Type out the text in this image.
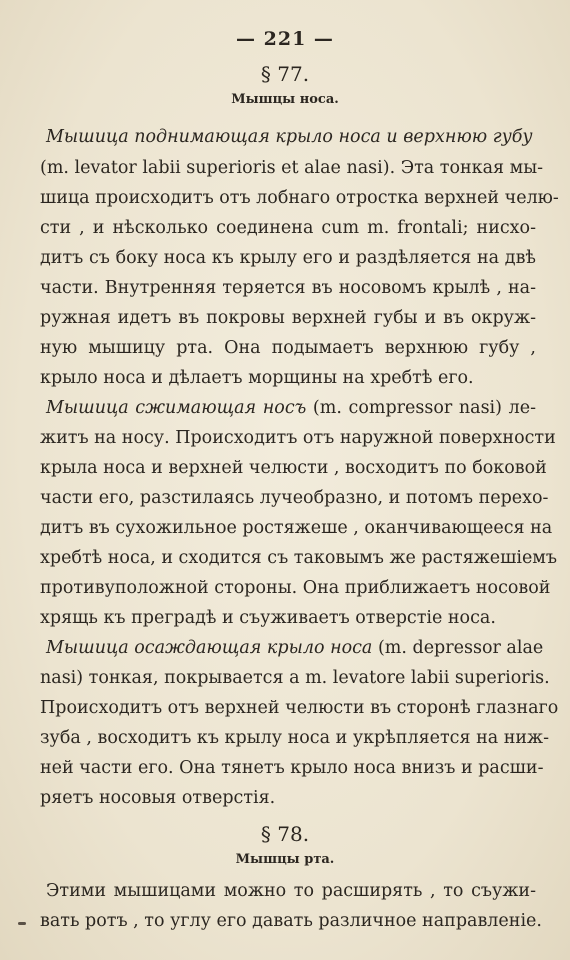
— 221 —
§ 77.
Мышцы носа.
Мышица поднимающая крыло носа и верхнюю губу
(m. levator labii superioris et alae nasi). Эта тонкая мы-
шица происходитъ отъ лобнаго отростка верхней челю-
сти , и нѣсколько соединена cum m. frontali; нисхо-
дитъ съ боку носа къ крылу его и раздѣляется на двѣ
части. Внутренняя теряется въ носовомъ крылѣ , на-
ружная идетъ въ покровы верхней губы и въ окруж-
ную мышицу рта. Она подымаетъ верхнюю губу ,
крыло носа и дѣлаетъ морщины на хребтѣ его.
Мышица сжимающая носъ (m. compressor nasi) ле-
житъ на носу. Происходитъ отъ наружной поверхности
крыла носа и верхней челюсти , восходитъ по боковой
части его, разстилаясь лучеобразно, и потомъ перехо-
дитъ въ сухожильное ростяжешe , оканчивающееся на
хребтѣ носа, и сходится съ таковымъ же растяжешiемъ
противуположной стороны. Она приближаетъ носовой
хрящь къ преградѣ и съуживаетъ отверстiе носа.
Мышица осаждающая крыло носа (m. depressor alae
nasi) тонкая, покрывается а m. levatore labii superioris.
Происходитъ отъ верхней челюсти въ сторонѣ глазнаго
зуба , восходитъ къ крылу носа и укрѣпляется на ниж-
ней части его. Она тянетъ крыло носа внизъ и расши-
ряетъ носовыя отверстiя.
§ 78.
Мышцы рта.
Этими мышицами можно то расширять , то съужи-
вать ротъ , то углу его давать различное направленiе.
